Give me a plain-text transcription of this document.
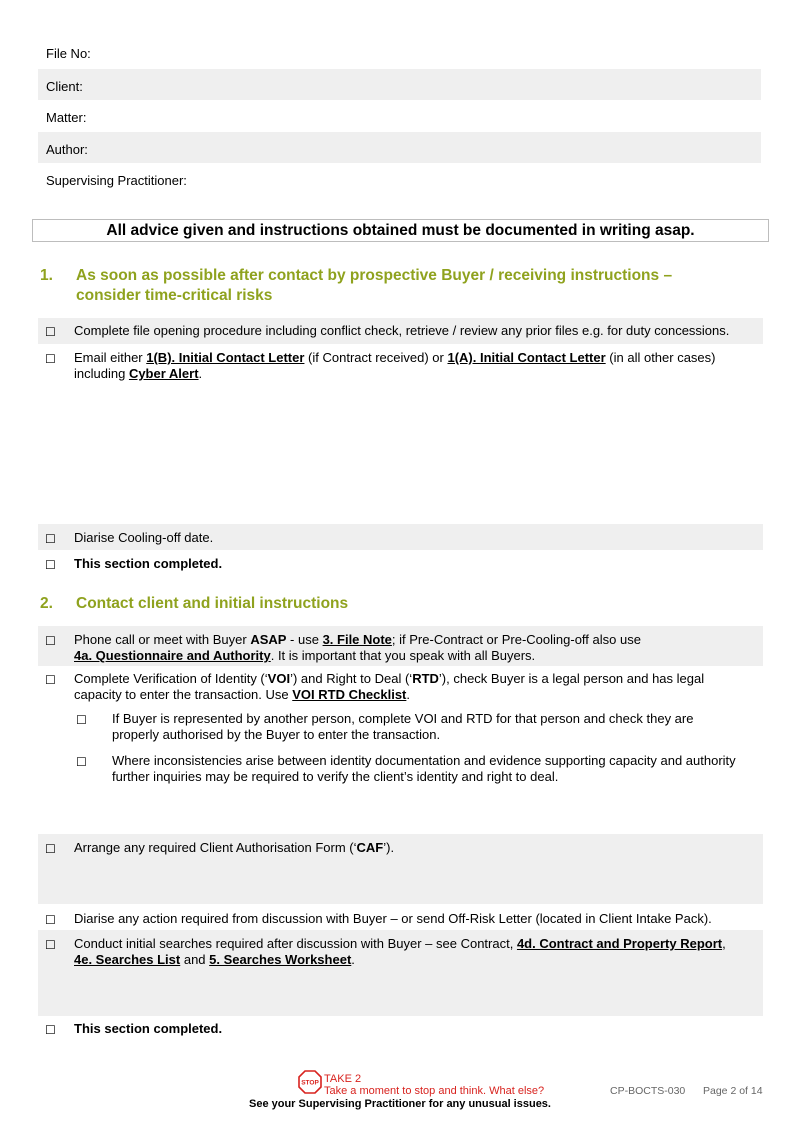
File No:
Client:
Matter:
Author:
Supervising Practitioner:
All advice given and instructions obtained must be documented in writing asap.
1. As soon as possible after contact by prospective Buyer / receiving instructions –
consider time-critical risks
☐ Complete file opening procedure including conflict check, retrieve / review any prior files e.g. for duty concessions.
☐ Email either 1(B). Initial Contact Letter (if Contract received) or 1(A). Initial Contact Letter (in all other cases)
including Cyber Alert.
☐ Diarise Cooling-off date.
☐ This section completed.
2. Contact client and initial instructions
☐ Phone call or meet with Buyer ASAP - use 3. File Note; if Pre-Contract or Pre-Cooling-off also use
4a. Questionnaire and Authority. It is important that you speak with all Buyers.
☐ Complete Verification of Identity (‘VOI’) and Right to Deal (‘RTD’), check Buyer is a legal person and has legal
capacity to enter the transaction. Use VOI RTD Checklist.
☐ If Buyer is represented by another person, complete VOI and RTD for that person and check they are
properly authorised by the Buyer to enter the transaction.
☐ Where inconsistencies arise between identity documentation and evidence supporting capacity and authority
further inquiries may be required to verify the client’s identity and right to deal.
☐ Arrange any required Client Authorisation Form (‘CAF’).
☐ Diarise any action required from discussion with Buyer – or send Off-Risk Letter (located in Client Intake Pack).
☐ Conduct initial searches required after discussion with Buyer – see Contract, 4d. Contract and Property Report,
4e. Searches List and 5. Searches Worksheet.
☐ This section completed.
STOP TAKE 2
Take a moment to stop and think. What else?	CP-BOCTS-030 Page 2 of 14
See your Supervising Practitioner for any unusual issues.
